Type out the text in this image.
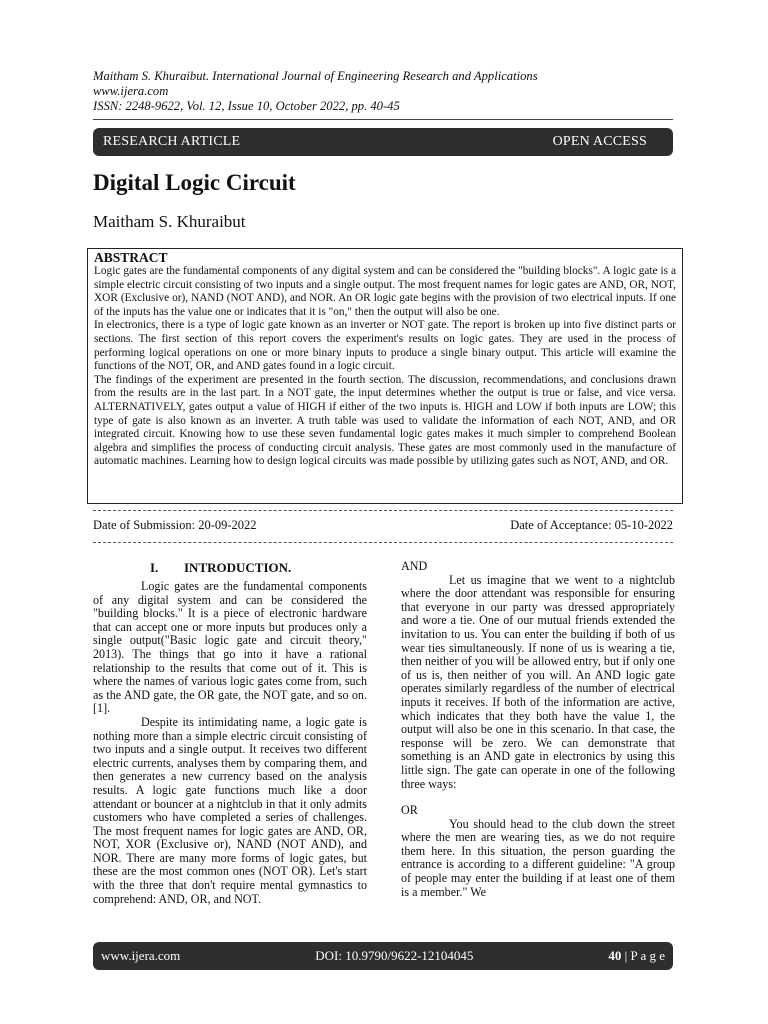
Maitham S. Khuraibut. International Journal of Engineering Research and Applications
www.ijera.com
ISSN: 2248-9622, Vol. 12, Issue 10, October 2022, pp. 40-45
RESEARCH ARTICLE	OPEN ACCESS
Digital Logic Circuit
Maitham S. Khuraibut
ABSTRACT

Logic gates are the fundamental components of any digital system and can be considered the "building blocks". A logic gate is a simple electric circuit consisting of two inputs and a single output. The most frequent names for logic gates are AND, OR, NOT, XOR (Exclusive or), NAND (NOT AND), and NOR. An OR logic gate begins with the provision of two electrical inputs. If one of the inputs has the value one or indicates that it is "on," then the output will also be one.

In electronics, there is a type of logic gate known as an inverter or NOT gate. The report is broken up into five distinct parts or sections. The first section of this report covers the experiment's results on logic gates. They are used in the process of performing logical operations on one or more binary inputs to produce a single binary output. This article will examine the functions of the NOT, OR, and AND gates found in a logic circuit.

The findings of the experiment are presented in the fourth section. The discussion, recommendations, and conclusions drawn from the results are in the last part. In a NOT gate, the input determines whether the output is true or false, and vice versa. ALTERNATIVELY, gates output a value of HIGH if either of the two inputs is. HIGH and LOW if both inputs are LOW; this type of gate is also known as an inverter. A truth table was used to validate the information of each NOT, AND, and OR integrated circuit. Knowing how to use these seven fundamental logic gates makes it much simpler to comprehend Boolean algebra and simplifies the process of conducting circuit analysis. These gates are most commonly used in the manufacture of automatic machines. Learning how to design logical circuits was made possible by utilizing gates such as NOT, AND, and OR.

Date of Submission: 20-09-2022	Date of Acceptance: 05-10-2022

I. INTRODUCTION.

Logic gates are the fundamental components of any digital system and can be considered the "building blocks." It is a piece of electronic hardware that can accept one or more inputs but produces only a single output("Basic logic gate and circuit theory," 2013). The things that go into it have a rational relationship to the results that come out of it. This is where the names of various logic gates come from, such as the AND gate, the OR gate, the NOT gate, and so on. [1].

Despite its intimidating name, a logic gate is nothing more than a simple electric circuit consisting of two inputs and a single output. It receives two different electric currents, analyses them by comparing them, and then generates a new currency based on the analysis results. A logic gate functions much like a door attendant or bouncer at a nightclub in that it only admits customers who have completed a series of challenges. The most frequent names for logic gates are AND, OR, NOT, XOR (Exclusive or), NAND (NOT AND), and NOR. There are many more forms of logic gates, but these are the most common ones (NOT OR). Let's start with the three that don't require mental gymnastics to comprehend: AND, OR, and NOT.

AND

Let us imagine that we went to a nightclub where the door attendant was responsible for ensuring that everyone in our party was dressed appropriately and wore a tie. One of our mutual friends extended the invitation to us. You can enter the building if both of us wear ties simultaneously. If none of us is wearing a tie, then neither of you will be allowed entry, but if only one of us is, then neither of you will. An AND logic gate operates similarly regardless of the number of electrical inputs it receives. If both of the information are active, which indicates that they both have the value 1, the output will also be one in this scenario. In that case, the response will be zero. We can demonstrate that something is an AND gate in electronics by using this little sign. The gate can operate in one of the following three ways:

OR

You should head to the club down the street where the men are wearing ties, as we do not require them here. In this situation, the person guarding the entrance is according to a different guideline: "A group of people may enter the building if at least one of them is a member." We

www.ijera.com	DOI: 10.9790/9622-12104045	40 | P a g e
